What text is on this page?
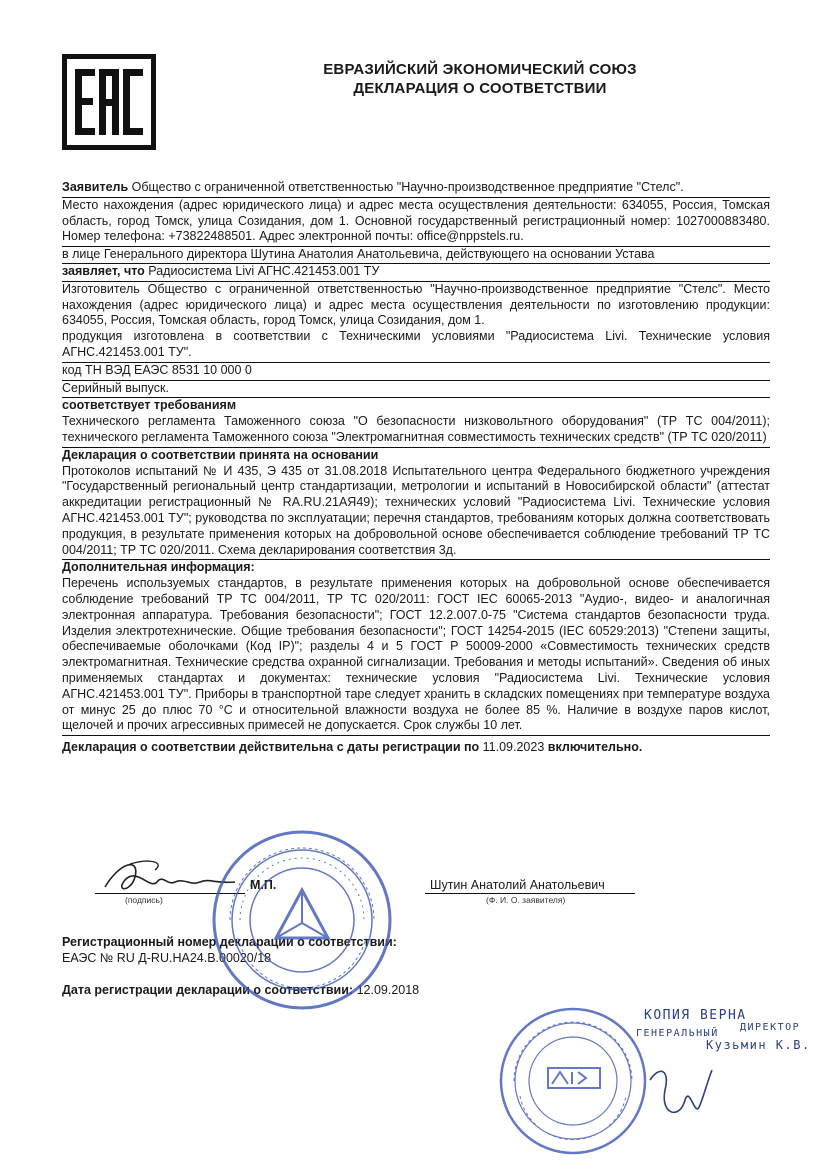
ЕВРАЗИЙСКИЙ ЭКОНОМИЧЕСКИЙ СОЮЗ
ДЕКЛАРАЦИЯ О СООТВЕТСТВИИ

Заявитель Общество с ограниченной ответственностью "Научно-производственное предприятие "Стелс".

Место нахождения (адрес юридического лица) и адрес места осуществления деятельности: 634055, Россия, Томская область, город Томск, улица Созидания, дом 1. Основной государственный регистрационный номер: 1027000883480. Номер телефона: +73822488501. Адрес электронной почты: office@nppstels.ru.

в лице Генерального директора Шутина Анатолия Анатольевича, действующего на основании Устава

заявляет, что Радиосистема Livi АГНС.421453.001 ТУ

Изготовитель Общество с ограниченной ответственностью "Научно-производственное предприятие "Стелс". Место нахождения (адрес юридического лица) и адрес места осуществления деятельности по изготовлению продукции: 634055, Россия, Томская область, город Томск, улица Созидания, дом 1.

продукция изготовлена в соответствии с Техническими условиями "Радиосистема Livi. Технические условия АГНС.421453.001 ТУ".

код ТН ВЭД ЕАЭС 8531 10 000 0

Серийный выпуск.

соответствует требованиям

Технического регламента Таможенного союза "О безопасности низковольтного оборудования" (ТР ТС 004/2011); технического регламента Таможенного союза "Электромагнитная совместимость технических средств" (ТР ТС 020/2011)

Декларация о соответствии принята на основании

Протоколов испытаний № И 435, Э 435 от 31.08.2018 Испытательного центра Федерального бюджетного учреждения "Государственный региональный центр стандартизации, метрологии и испытаний в Новосибирской области" (аттестат аккредитации регистрационный № RA.RU.21АЯ49); технических условий "Радиосистема Livi. Технические условия АГНС.421453.001 ТУ"; руководства по эксплуатации; перечня стандартов, требованиям которых должна соответствовать продукция, в результате применения которых на добровольной основе обеспечивается соблюдение требований ТР ТС 004/2011; ТР ТС 020/2011. Схема декларирования соответствия 3д.

Дополнительная информация:

Перечень используемых стандартов, в результате применения которых на добровольной основе обеспечивается соблюдение требований ТР ТС 004/2011, ТР ТС 020/2011: ГОСТ IEC 60065-2013 "Аудио-, видео- и аналогичная электронная аппаратура. Требования безопасности"; ГОСТ 12.2.007.0-75 "Система стандартов безопасности труда. Изделия электротехнические. Общие требования безопасности"; ГОСТ 14254-2015 (IEC 60529:2013) "Степени защиты, обеспечиваемые оболочками (Код IP)"; разделы 4 и 5 ГОСТ Р 50009-2000 «Совместимость технических средств электромагнитная. Технические средства охранной сигнализации. Требования и методы испытаний». Сведения об иных применяемых стандартах и документах: технические условия "Радиосистема Livi. Технические условия АГНС.421453.001 ТУ". Приборы в транспортной таре следует хранить в складских помещениях при температуре воздуха от минус 25 до плюс 70 °С и относительной влажности воздуха не более 85 %. Наличие в воздухе паров кислот, щелочей и прочих агрессивных примесей не допускается. Срок службы 10 лет.

Декларация о соответствии действительна с даты регистрации по 11.09.2023 включительно.

(подпись)
М.П.	Шутин Анатолий Анатольевич
(Ф. И. О. заявителя)
Регистрационный номер декларации о соответствии:
ЕАЭС № RU Д-RU.НА24.В.00020/18
Дата регистрации декларации о соответствии: 12.09.2018
КОПИЯ ВЕРНА
ГЕНЕРАЛЬНЫЙ
ДИРЕКТОР
Кузьмин К.В.
